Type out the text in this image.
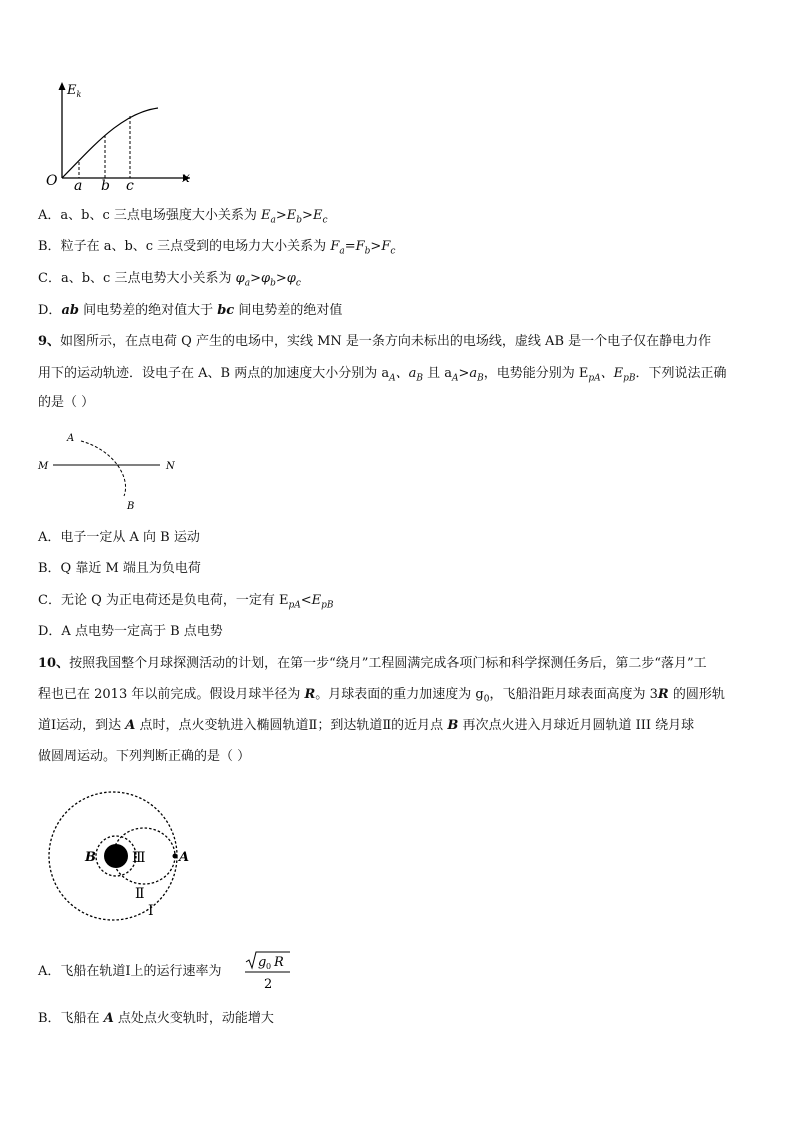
$E_k$
O	x
a b c
A．a、b、c 三点电场强度大小关系为 $E_a>E_b>E_c$
B．粒子在 a、b、c 三点受到的电场力大小关系为 $F_a=F_b>F_c$
C．a、b、c 三点电势大小关系为 $\varphi_a>\varphi_b>\varphi_c$
D．ab 间电势差的绝对值大于 bc 间电势差的绝对值
9、如图所示，在点电荷 Q 产生的电场中，实线 MN 是一条方向未标出的电场线，虚线 AB 是一个电子仅在静电力作
用下的运动轨迹．设电子在 A、B 两点的加速度大小分别为 $a_A$、$a_B$ 且 $a_A>a_B$，电势能分别为 $E_{pA}$、$E_{pB}$．下列说法正确
的是（ ）
A
M	N
B
A．电子一定从 A 向 B 运动
B．Q 靠近 M 端且为负电荷
C．无论 Q 为正电荷还是负电荷，一定有 $E_{pA}<E_{pB}$
D．A 点电势一定高于 B 点电势
10、按照我国整个月球探测活动的计划，在第一步“绕月”工程圆满完成各项门标和科学探测任务后，第二步“落月”工
程也已在 2013 年以前完成。假设月球半径为 R。月球表面的重力加速度为 $g_0$，飞船沿距月球表面高度为 3R 的圆形轨
道Ⅰ运动，到达 A 点时，点火变轨进入椭圆轨道Ⅱ；到达轨道Ⅱ的近月点 B 再次点火进入月球近月圆轨道 III 绕月球
做圆周运动。下列判断正确的是（ ）
B	A
Ⅲ
Ⅱ
I
A．飞船在轨道Ⅰ上的运行速率为
g 0 R
2
B．飞船在 A 点处点火变轨时，动能增大
